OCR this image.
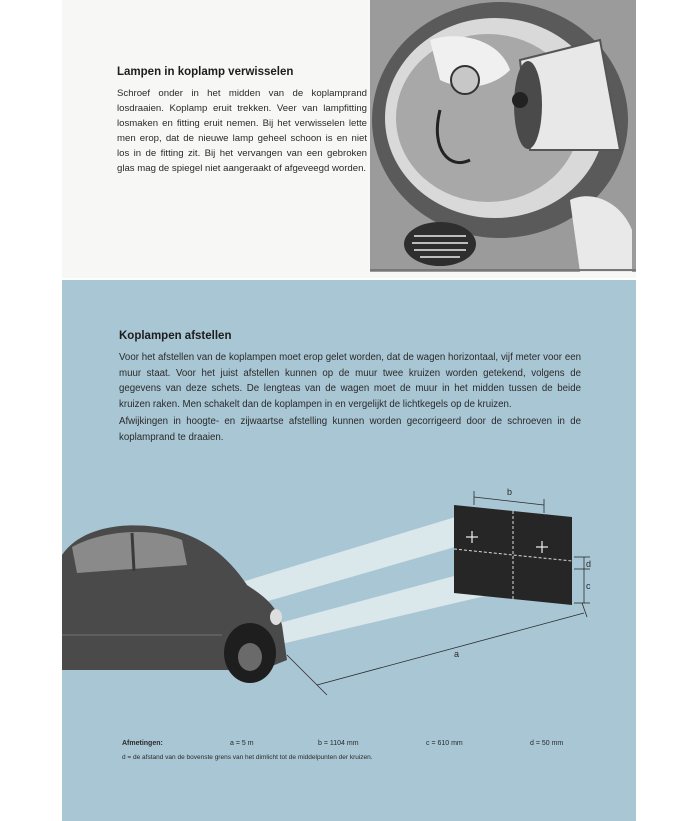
Lampen in koplamp verwisselen

Schroef onder in het midden van de koplamprand losdraaien. Koplamp eruit trekken. Veer van lampfitting losmaken en fitting eruit nemen. Bij het verwisselen lette men erop, dat de nieuwe lamp geheel schoon is en niet los in de fitting zit. Bij het vervangen van een gebroken glas mag de spiegel niet aangeraakt of afgeveegd worden.

Koplampen afstellen

Voor het afstellen van de koplampen moet erop gelet worden, dat de wagen horizontaal, vijf meter voor een muur staat. Voor het juist afstellen kunnen op de muur twee kruizen worden getekend, volgens de gegevens van deze schets. De lengteas van de wagen moet de muur in het midden tussen de beide kruizen raken. Men schakelt dan de koplampen in en vergelijkt de lichtkegels op de kruizen.

Afwijkingen in hoogte- en zijwaartse afstelling kunnen worden gecorrigeerd door de schroeven in de koplamprand te draaien.

b
d
c
a
Afmetingen:	a = 5 m	b = 1104 mm	c = 610 mm	d = 50 mm
d = de afstand van de bovenste grens van het dimlicht tot de middelpunten der kruizen.
